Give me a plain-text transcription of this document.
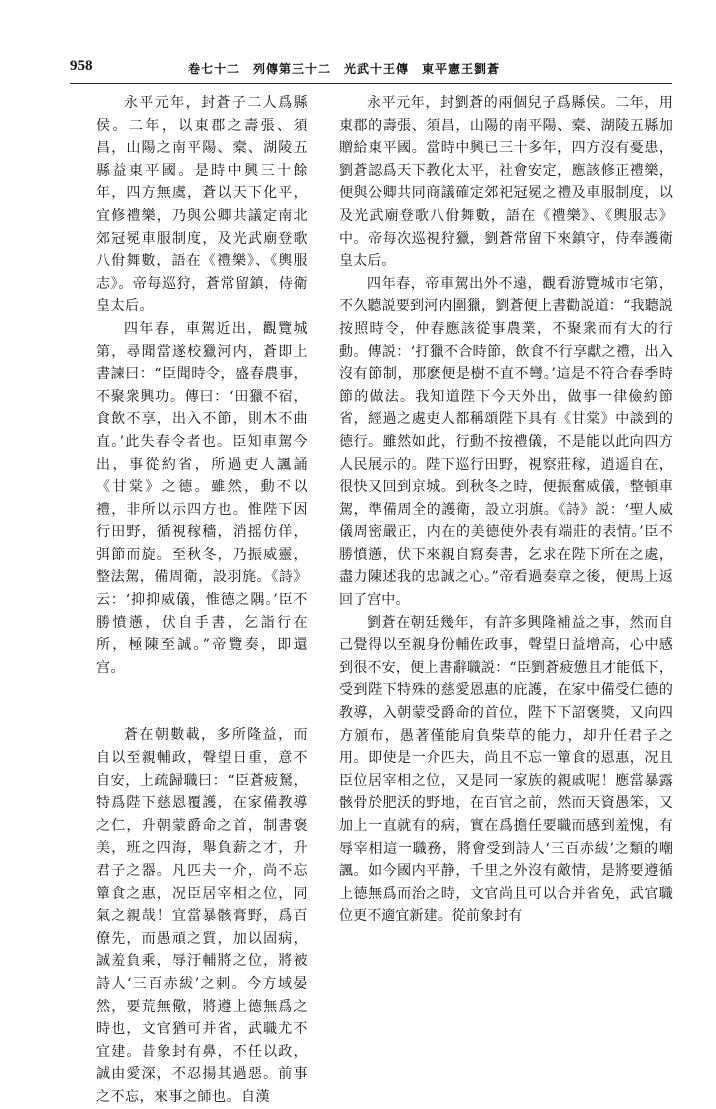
958	卷七十二　列傳第三十二　光武十王傳　東平憲王劉蒼

永平元年，封蒼子二人爲縣侯。二年，以東郡之壽張、須昌，山陽之南平陽、槖、湖陵五縣益東平國。是時中興三十餘年，四方無虞，蒼以天下化平，宜修禮樂，乃與公卿共議定南北郊冠冕車服制度，及光武廟登歌八佾舞數，語在《禮樂》、《輿服志》。帝每巡狩，蒼常留鎮，侍衛皇太后。

四年春，車駕近出，觀覽城第，尋聞當遂校獵河内，蒼即上書諫曰：“臣聞時令，盛春農事，不聚衆興功。傳曰：‘田獵不宿，食飲不享，出入不節，則木不曲直。’此失春令者也。臣知車駕今出，事從約省，所過吏人諷誦《甘棠》之德。雖然，動不以禮，非所以示四方也。惟陛下因行田野，循視稼穡，消摇仿佯，弭節而旋。至秋冬，乃振威靈，整法駕，備周衛，設羽旄。《詩》云：‘抑抑威儀，惟德之隅。’臣不勝憤懣，伏自手書，乞詣行在所，極陳至誠。”帝覽奏，即還宫。

蒼在朝數載，多所隆益，而自以至親輔政，聲望日重，意不自安，上疏歸職曰：“臣蒼疲駑，特爲陛下慈恩覆護，在家備教導之仁，升朝蒙爵命之首，制書褒美，班之四海，舉負薪之才，升君子之器。凡匹夫一介，尚不忘簞食之惠，况臣居宰相之位，同氣之親哉！宜當暴骸膏野，爲百僚先，而愚頑之質，加以固病，誠羞負乘，辱汙輔將之位，將被詩人‘三百赤紱’之刺。今方域晏然，要荒無儆，將遵上德無爲之時也，文官猶可并省，武職尤不宜建。昔象封有鼻，不任以政，誠由愛深，不忍揚其過惡。前事之不忘，來事之師也。自漢

永平元年，封劉蒼的兩個兒子爲縣侯。二年，用東郡的壽張、須昌，山陽的南平陽、槖、湖陵五縣加贈給東平國。當時中興已三十多年，四方沒有憂患，劉蒼認爲天下教化太平，社會安定，應該修正禮樂，便與公卿共同商議確定郊祀冠冕之禮及車服制度，以及光武廟登歌八佾舞數，語在《禮樂》、《輿服志》中。帝每次巡視狩獵，劉蒼常留下來鎮守，侍奉護衛皇太后。

四年春，帝車駕出外不遠，觀看游覽城市宅第，不久聽説要到河内圍獵，劉蒼便上書勸説道：“我聽説按照時令，仲春應該從事農業，不聚衆而有大的行動。傳説：‘打獵不合時節，飲食不行享獻之禮，出入沒有節制，那麽便是樹不直不彎。’這是不符合春季時節的做法。我知道陛下今天外出，做事一律儉約節省，經過之處吏人都稱頌陛下具有《甘棠》中談到的德行。雖然如此，行動不按禮儀，不是能以此向四方人民展示的。陛下巡行田野，視察莊稼，逍遥自在，很快又回到京城。到秋冬之時，便振奮威儀，整頓車駕，準備周全的護衛，設立羽旗。《詩》説：‘聖人威儀周密嚴正，内在的美德使外表有端莊的表情。’臣不勝憤懣，伏下來親自寫奏書，乞求在陛下所在之處，盡力陳述我的忠誠之心。”帝看過奏章之後，便馬上返回了宫中。

劉蒼在朝廷幾年，有許多興隆補益之事，然而自己覺得以至親身份輔佐政事，聲望日益增高，心中感到很不安，便上書辭職説：“臣劉蒼疲憊且才能低下，受到陛下特殊的慈愛恩惠的庇護，在家中備受仁德的教導，入朝蒙受爵命的首位，陛下下詔褒獎，又向四方頒布，愚著僅能肩負柴草的能力，却升任君子之用。即使是一介匹夫，尚且不忘一簞食的恩惠，况且臣位居宰相之位，又是同一家族的親戚呢！應當暴露骸骨於肥沃的野地，在百官之前，然而天資愚笨，又加上一直就有的病，實在爲擔任要職而感到羞愧，有辱宰相這一職務，將會受到詩人‘三百赤紱’之類的嘲諷。如今國内平静，千里之外沒有敵情，是將要遵循上德無爲而治之時，文官尚且可以合并省免，武官職位更不適宜新建。從前象封有
